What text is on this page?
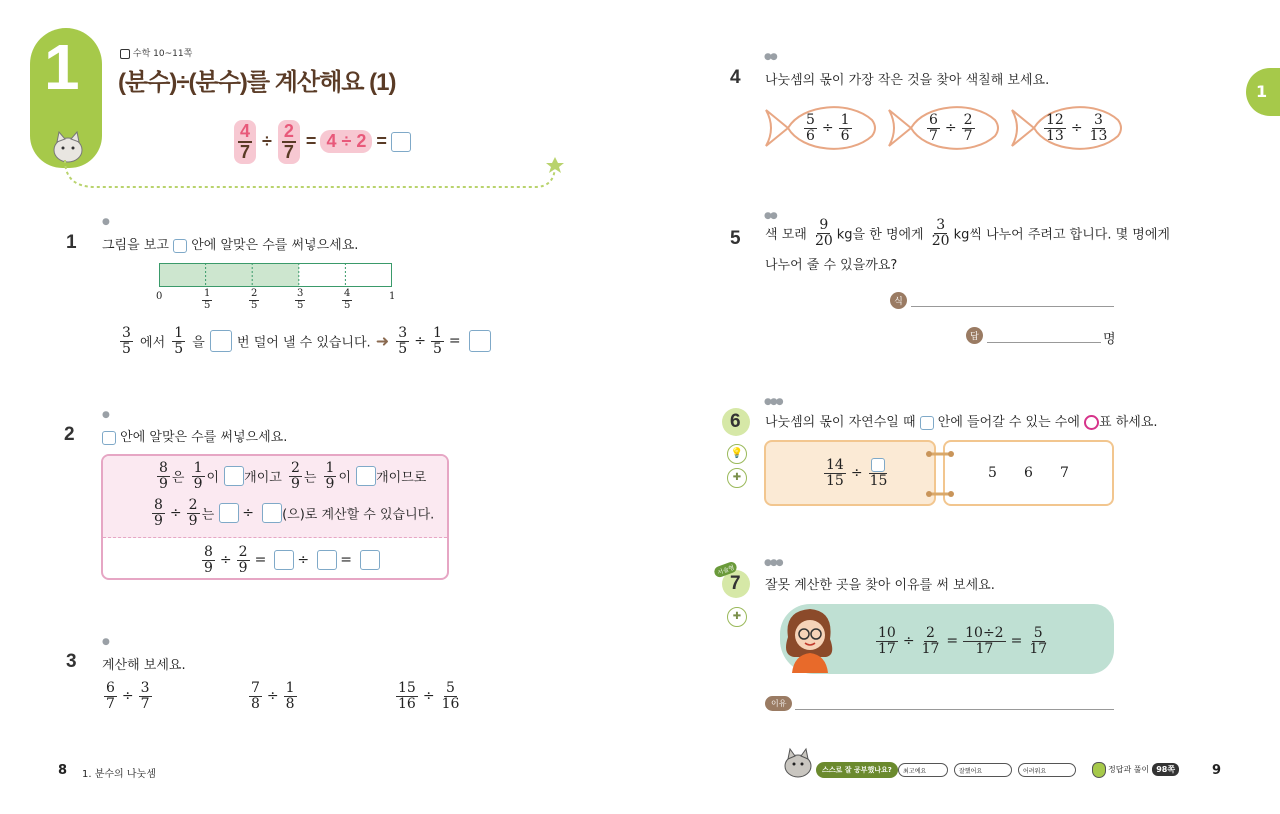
1	수학 10~11쪽
(분수)÷(분수)를 계산해요 (1)
$\frac{4}{7} \div \frac{2}{7} = 4 \div 2$ =
●
1 그림을 보고  안에 알맞은 수를 써넣으세요.
0	$\frac{1}{5}$	$\frac{2}{5}$	$\frac{3}{5}$	$\frac{4}{5}$	1
$\frac{3}{5}$ 에서 $\frac{1}{5}$ 을 번 덜어 낼 수 있습니다. ➜ $\frac{3}{5} \div \frac{1}{5}$ =
●
2	안에 알맞은 수를 써넣으세요.
$\frac{8}{9}$ 은 $\frac{1}{9}$ 이 개이고 $\frac{2}{9}$ 는 $\frac{1}{9}$ 이 개이므로
$\frac{8}{9} \div \frac{2}{9}$ 는 ÷ (으)로 계산할 수 있습니다.
$\frac{8}{9} \div \frac{2}{9}$ = ÷ =
●
3 계산해 보세요.
$\frac{6}{7} \div \frac{3}{7}$	$\frac{7}{8} \div \frac{1}{8}$	$\frac{15}{16} \div \frac{5}{16}$
8 1. 분수의 나눗셈
1
●●
4 나눗셈의 몫이 가장 작은 것을 찾아 색칠해 보세요.
$\frac{5}{6} \div \frac{1}{6}$	$\frac{6}{7} \div \frac{2}{7}$	$\frac{12}{13} \div \frac{3}{13}$
●●
5 색 모래 $\frac{9}{20}$ kg을 한 명에게 $\frac{3}{20}$ kg씩 나누어 주려고 합니다. 몇 명에게
나누어 줄 수 있을까요?
식
답	명
●●●
6
💡
✚
나눗셈의 몫이 자연수일 때  안에 들어갈 수 있는 수에 ○표 하세요.
$\frac{14}{15} \div 15$	5 6 7
●●●
서술형
7
✚
잘못 계산한 곳을 찾아 이유를 써 보세요.
$\frac{10}{17} \div \frac{2}{17} = \frac{10\div 2}{17} = \frac{5}{17}$
이유
스스로 잘 공부했나요? 최고예요	잘했어요	어려워요	정답과 풀이 98쪽	9
